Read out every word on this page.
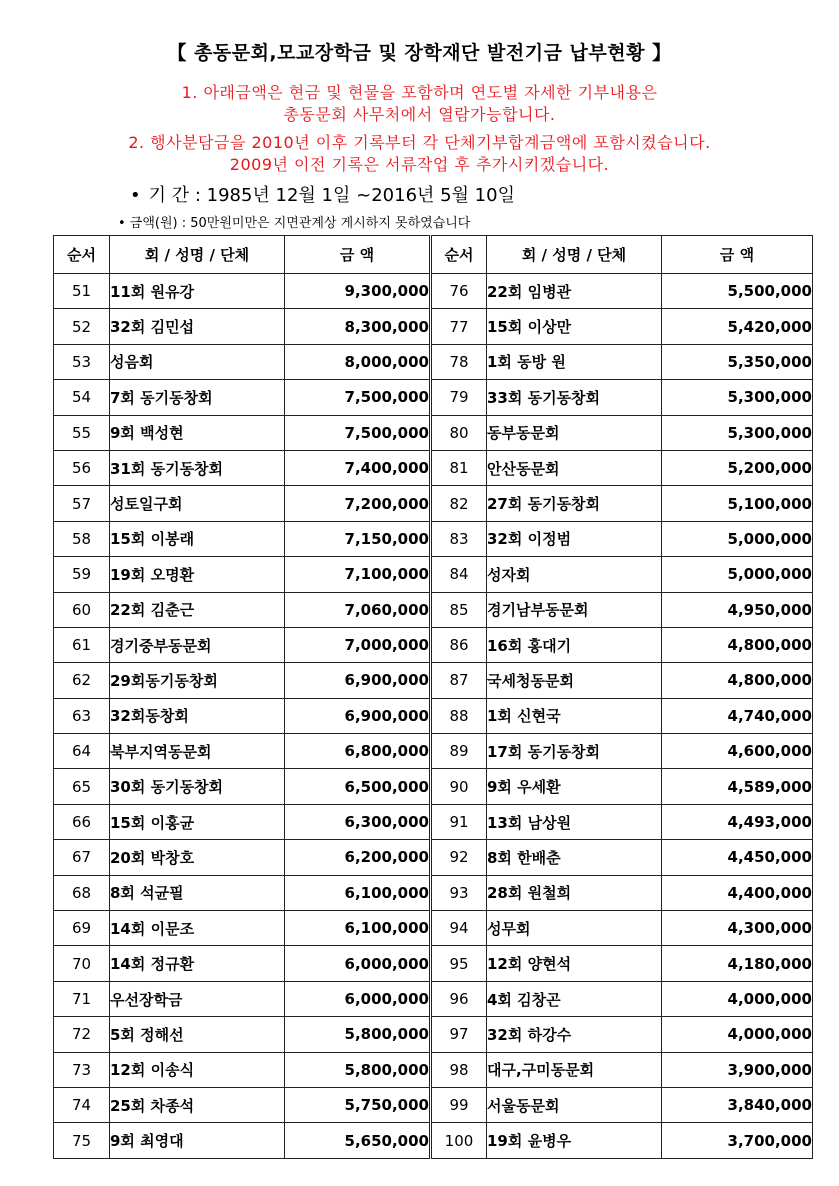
【 총동문회,모교장학금 및 장학재단 발전기금 납부현황 】
1. 아래금액은 현금 및 현물을 포함하며 연도별 자세한 기부내용은
총동문회 사무처에서 열람가능합니다.
2. 행사분담금을 2010년 이후 기록부터 각 단체기부합계금액에 포함시켰습니다.
2009년 이전 기록은 서류작업 후 추가시키겠습니다.
• 기 간 : 1985년 12월 1일 ~2016년 5월 10일
• 금액(원) : 50만원미만은 지면관계상 게시하지 못하였습니다
순서	회 / 성명 / 단체	금 액	순서	회 / 성명 / 단체	금 액
51	11회 원유강	9,300,000	76	22회 임병관	5,500,000
52	32회 김민섭	8,300,000	77	15회 이상만	5,420,000
53	성음회	8,000,000	78	1회 동방 원	5,350,000
54	7회 동기동창회	7,500,000	79	33회 동기동창회	5,300,000
55	9회 백성현	7,500,000	80	동부동문회	5,300,000
56	31회 동기동창회	7,400,000	81	안산동문회	5,200,000
57	성토일구회	7,200,000	82	27회 동기동창회	5,100,000
58	15회 이봉래	7,150,000	83	32회 이정범	5,000,000
59	19회 오명환	7,100,000	84	성자회	5,000,000
60	22회 김춘근	7,060,000	85	경기남부동문회	4,950,000
61	경기중부동문회	7,000,000	86	16회 홍대기	4,800,000
62	29회동기동창회	6,900,000	87	국세청동문회	4,800,000
63	32회동창회	6,900,000	88	1회 신현국	4,740,000
64	북부지역동문회	6,800,000	89	17회 동기동창회	4,600,000
65	30회 동기동창회	6,500,000	90	9회 우세환	4,589,000
66	15회 이홍균	6,300,000	91	13회 남상원	4,493,000
67	20회 박창호	6,200,000	92	8회 한배춘	4,450,000
68	8회 석균필	6,100,000	93	28회 원철희	4,400,000
69	14회 이문조	6,100,000	94	성무회	4,300,000
70	14회 정규환	6,000,000	95	12회 양현석	4,180,000
71	우선장학금	6,000,000	96	4회 김창곤	4,000,000
72	5회 정해선	5,800,000	97	32회 하강수	4,000,000
73	12회 이송식	5,800,000	98	대구,구미동문회	3,900,000
74	25회 차종석	5,750,000	99	서울동문회	3,840,000
75	9회 최영대	5,650,000	100	19회 윤병우	3,700,000
